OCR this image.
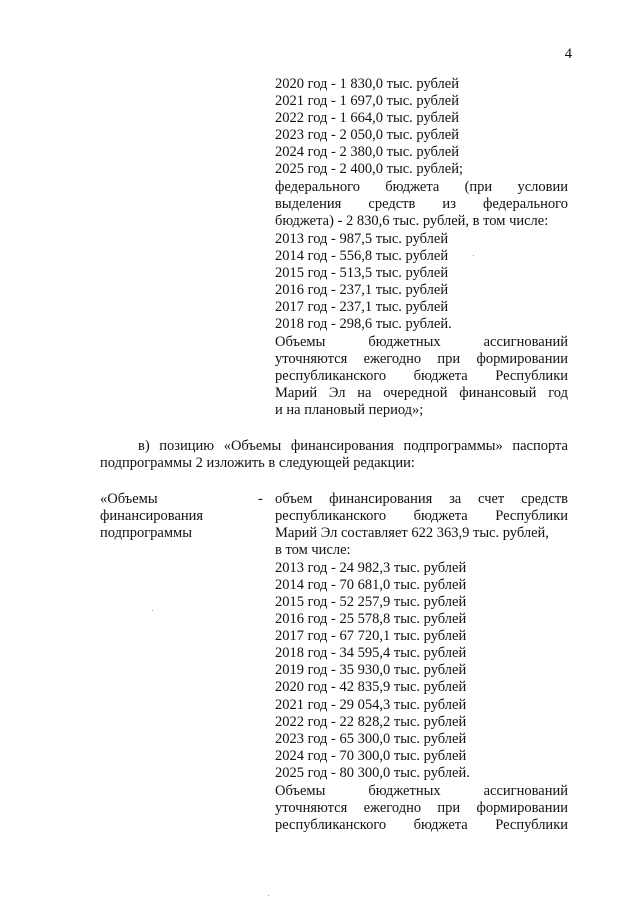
4
2020 год - 1 830,0 тыс. рублей
2021 год - 1 697,0 тыс. рублей
2022 год - 1 664,0 тыс. рублей
2023 год - 2 050,0 тыс. рублей
2024 год - 2 380,0 тыс. рублей
2025 год - 2 400,0 тыс. рублей;
федерального бюджета (при условии
выделения средств из федерального
бюджета) - 2 830,6 тыс. рублей, в том числе:
2013 год - 987,5 тыс. рублей
2014 год - 556,8 тыс. рублей
2015 год - 513,5 тыс. рублей
2016 год - 237,1 тыс. рублей
2017 год - 237,1 тыс. рублей
2018 год - 298,6 тыс. рублей.
Объемы бюджетных ассигнований
уточняются ежегодно при формировании
республиканского бюджета Республики
Марий Эл на очередной финансовый год
и на плановый период»;
в) позицию «Объемы финансирования подпрограммы» паспорта
подпрограммы 2 изложить в следующей редакции:
«Объемы
финансирования
подпрограммы
- объем финансирования за счет средств
республиканского бюджета Республики
Марий Эл составляет 622 363,9 тыс. рублей,
в том числе:
2013 год - 24 982,3 тыс. рублей
2014 год - 70 681,0 тыс. рублей
2015 год - 52 257,9 тыс. рублей
2016 год - 25 578,8 тыс. рублей
2017 год - 67 720,1 тыс. рублей
2018 год - 34 595,4 тыс. рублей
2019 год - 35 930,0 тыс. рублей
2020 год - 42 835,9 тыс. рублей
2021 год - 29 054,3 тыс. рублей
2022 год - 22 828,2 тыс. рублей
2023 год - 65 300,0 тыс. рублей
2024 год - 70 300,0 тыс. рублей
2025 год - 80 300,0 тыс. рублей.
Объемы бюджетных ассигнований
уточняются ежегодно при формировании
республиканского бюджета Республики
